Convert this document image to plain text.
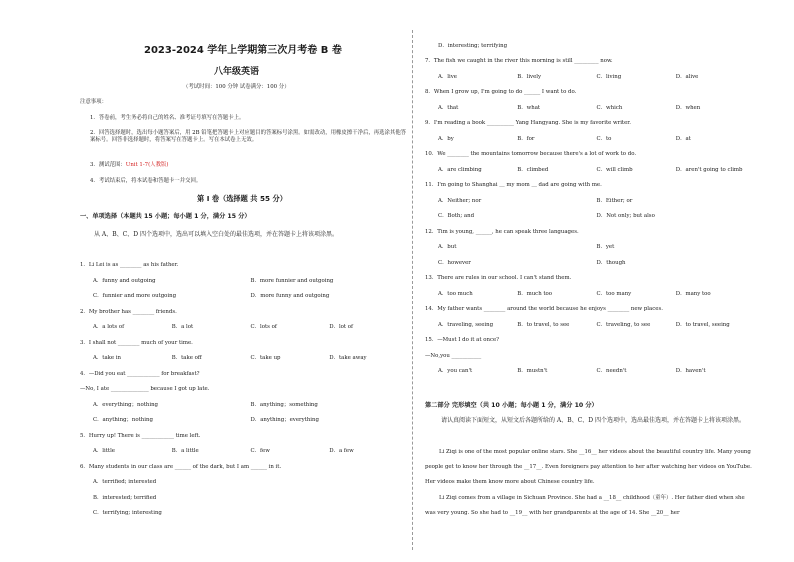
2023-2024 学年上学期第三次月考卷 B 卷
八年级英语
（考试时间：100 分钟 试卷满分：100 分）
注意事项：
1．答卷前，考生务必将自己的姓名、准考证号填写在答题卡上。
2．回答选择题时，选出每小题答案后，用 2B 铅笔把答题卡上对应题目的答案标号涂黑。如需改动，用橡皮擦干净后，再选涂其他答案标号。回答非选择题时，将答案写在答题卡上。写在本试卷上无效。
3．测试范围：Unit 1-7(人教版)
4．考试结束后，将本试卷和答题卡一并交回。
第 I 卷（选择题 共 55 分）
一、单项选择（本题共 15 小题；每小题 1 分，满分 15 分）
从 A、B、C、D 四个选项中，选出可以填入空白处的最佳选项，并在答题卡上将该项涂黑。
1．Li Lei is as ________ as his father.
A．funny and outgoing	B．more funnier and outgoing
C．funnier and more outgoing	D．more funny and outgoing
2．My brother has ________ friends.
A．a lots of	B．a lot	C．lots of	D．lot of
3．I shall not ________ much of your time.
A．take in	B．take off	C．take up	D．take away
4．—Did you eat ____________ for breakfast?
—No, I ate ______________ because I got up late.
A．everything；nothing	B．anything；something
C．anything；nothing	D．anything；everything
5．Hurry up! There is ____________ time left.
A．little	B．a little	C．few	D．a few
6．Many students in our class are ______ of the dark, but I am ______ in it.
A．terrified; interested
B．interested; terrified
C．terrifying; interesting
D．interesting; terrifying
7．The fish we caught in the river this morning is still _________ now.
A．live	B．lively	C．living	D．alive
8．When I grow up, I'm going to do ______ I want to do.
A．that	B．what	C．which	D．when
9．I'm reading a book __________ Yang Hangyang. She is my favorite writer.
A．by	B．for	C．to	D．at
10．We ________ the mountains tomorrow because there's a lot of work to do.
A．are climbing	B．climbed	C．will climb	D．aren't going to climb
11．I'm going to Shanghai ＿ my mom ＿ dad are going with me.
A．Neither; nor	B．Either; or
C．Both; and	D．Not only; but also
12．Tim is young, ______, he can speak three languages.
A．but	B．yet
C．however	D．though
13．There are rules in our school. I can't stand them.
A．too much	B．much too	C．too many	D．many too
14．My father wants ________ around the world because he enjoys ________ new places.
A．traveling, seeing	B．to travel, to see	C．traveling, to see	D．to travel, seeing
15．—Must I do it at once?
—No,you ___________
A．you can't	B．mustn't	C．needn't	D．haven't
第二部分 完形填空（共 10 小题；每小题 1 分，满分 10 分）
请认真阅读下面短文，从短文后各题所给的 A、B、C、D 四个选项中，选出最佳选项，并在答题卡上将该项涂黑。
Li Ziqi is one of the most popular online stars. She __16__ her videos about the beautiful country life. Many young people get to know her through the __17__. Even foreigners pay attention to her after watching her videos on YouTube. Her videos make them know more about Chinese country life.
Li Ziqi comes from a village in Sichuan Province. She had a __18__ childhood（童年）. Her father died when she was very young. So she had to __19__ with her grandparents at the age of 14. She __20__ her
